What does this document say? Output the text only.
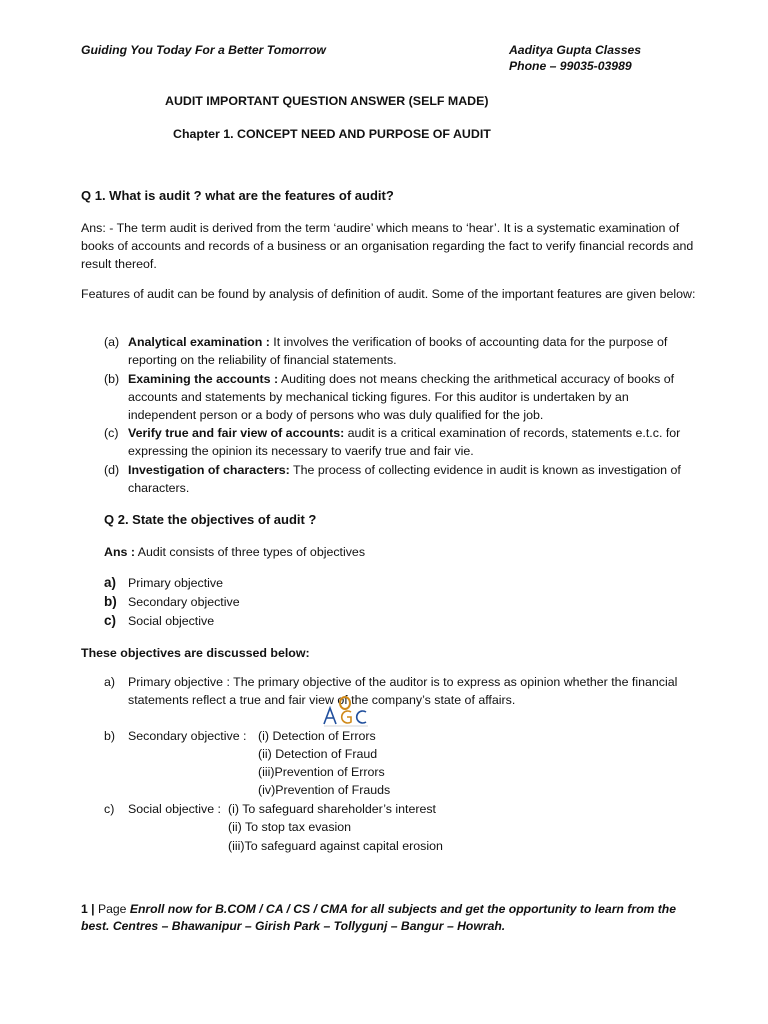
Guiding You Today For a Better Tomorrow	Aaditya Gupta Classes
Phone – 99035-03989
AUDIT IMPORTANT QUESTION ANSWER (SELF MADE)
Chapter 1. CONCEPT NEED AND PURPOSE OF AUDIT
Q 1. What is audit ? what are the features of audit?
Ans: - The term audit is derived from the term ‘audire’ which means to ‘hear’. It is a systematic examination of books of accounts and records of a business or an organisation regarding the fact to verify financial records and result thereof.
Features of audit can be found by analysis of definition of audit. Some of the important features are given below:
(a) Analytical examination : It involves the verification of books of accounting data for the purpose of reporting on the reliability of financial statements.
(b) Examining the accounts : Auditing does not means checking the arithmetical accuracy of books of accounts and statements by mechanical ticking figures. For this auditor is undertaken by an independent person or a body of persons who was duly qualified for the job.
(c) Verify true and fair view of accounts: audit is a critical examination of records, statements e.t.c. for expressing the opinion its necessary to vaerify true and fair vie.
(d) Investigation of characters: The process of collecting evidence in audit is known as investigation of characters.
Q 2. State the objectives of audit ?
Ans : Audit consists of three types of objectives
a) Primary objective
b) Secondary objective
c) Social objective
These objectives are discussed below:
a)	Primary objective : The primary objective of the auditor is to express as opinion whether the financial statements reflect a true and fair view of the company’s state of affairs.
b)	Secondary objective : (i) Detection of Errors
(ii) Detection of Fraud
(iii)Prevention of Errors
(iv)Prevention of Frauds
c)	Social objective : (i) To safeguard shareholder’s interest
(ii) To stop tax evasion
(iii)To safeguard against capital erosion
1 | Page Enroll now for B.COM / CA / CS / CMA for all subjects and get the opportunity to learn from the best. Centres – Bhawanipur – Girish Park – Tollygunj – Bangur – Howrah.
